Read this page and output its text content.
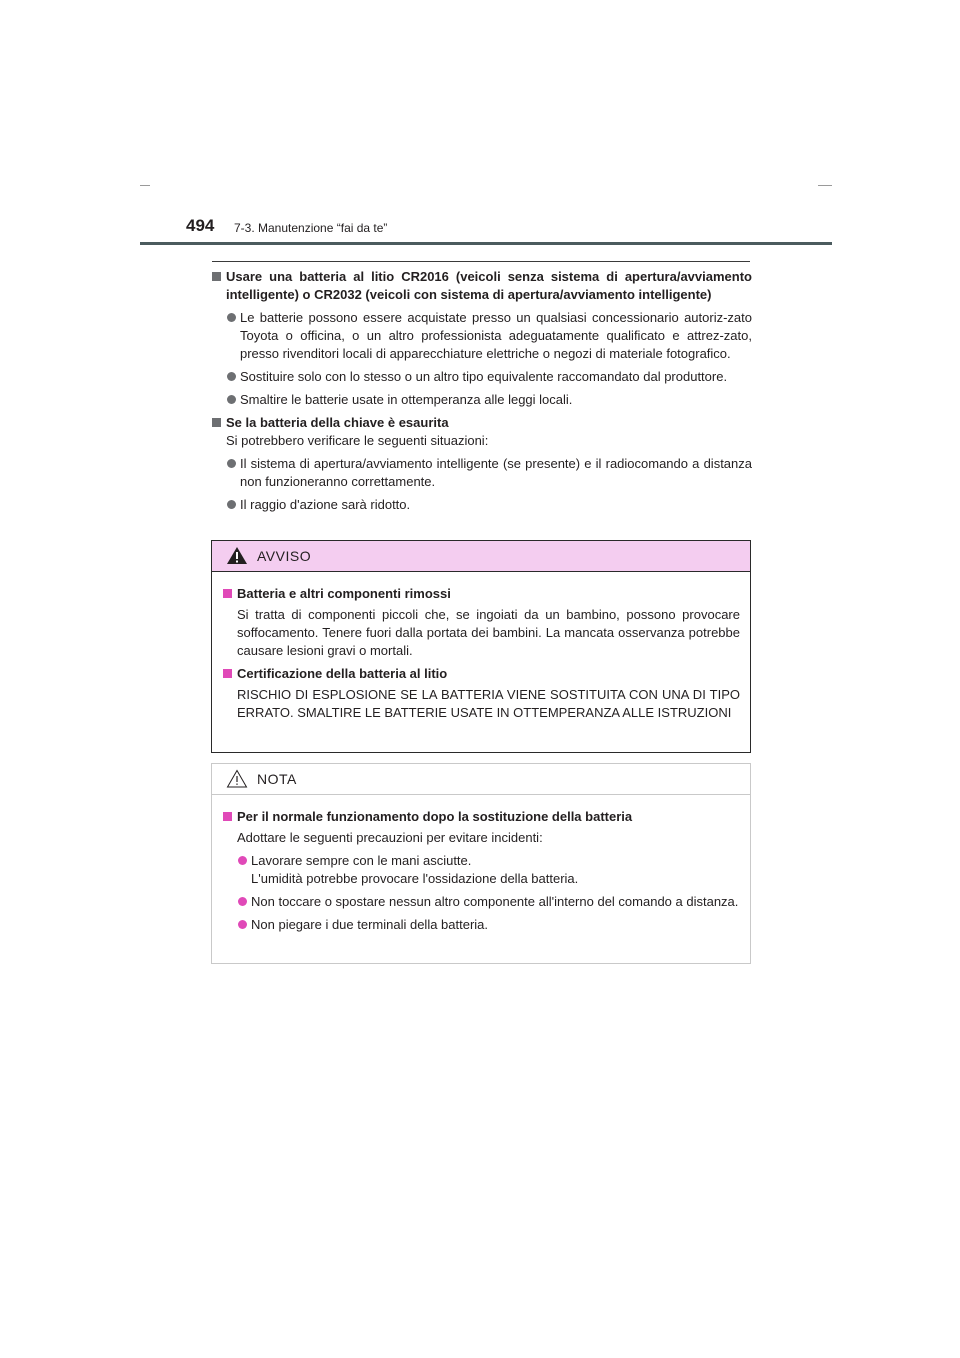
494 7-3. Manutenzione “fai da te”
Usare una batteria al litio CR2016 (veicoli senza sistema di apertura/avviamento intelligente) o CR2032 (veicoli con sistema di apertura/avviamento intelligente)
Le batterie possono essere acquistate presso un qualsiasi concessionario autoriz-zato Toyota o officina, o un altro professionista adeguatamente qualificato e attrez-zato, presso rivenditori locali di apparecchiature elettriche o negozi di materiale fotografico.
Sostituire solo con lo stesso o un altro tipo equivalente raccomandato dal produttore.
Smaltire le batterie usate in ottemperanza alle leggi locali.
Se la batteria della chiave è esaurita
Si potrebbero verificare le seguenti situazioni:
Il sistema di apertura/avviamento intelligente (se presente) e il radiocomando a distanza non funzioneranno correttamente.
Il raggio d'azione sarà ridotto.
AVVISO
Batteria e altri componenti rimossi
Si tratta di componenti piccoli che, se ingoiati da un bambino, possono provocare soffocamento. Tenere fuori dalla portata dei bambini. La mancata osservanza potrebbe causare lesioni gravi o mortali.
Certificazione della batteria al litio
RISCHIO DI ESPLOSIONE SE LA BATTERIA VIENE SOSTITUITA CON UNA DI TIPO ERRATO. SMALTIRE LE BATTERIE USATE IN OTTEMPERANZA ALLE ISTRUZIONI
NOTA
Per il normale funzionamento dopo la sostituzione della batteria
Adottare le seguenti precauzioni per evitare incidenti:
Lavorare sempre con le mani asciutte.
L'umidità potrebbe provocare l'ossidazione della batteria.
Non toccare o spostare nessun altro componente all'interno del comando a distanza.
Non piegare i due terminali della batteria.
